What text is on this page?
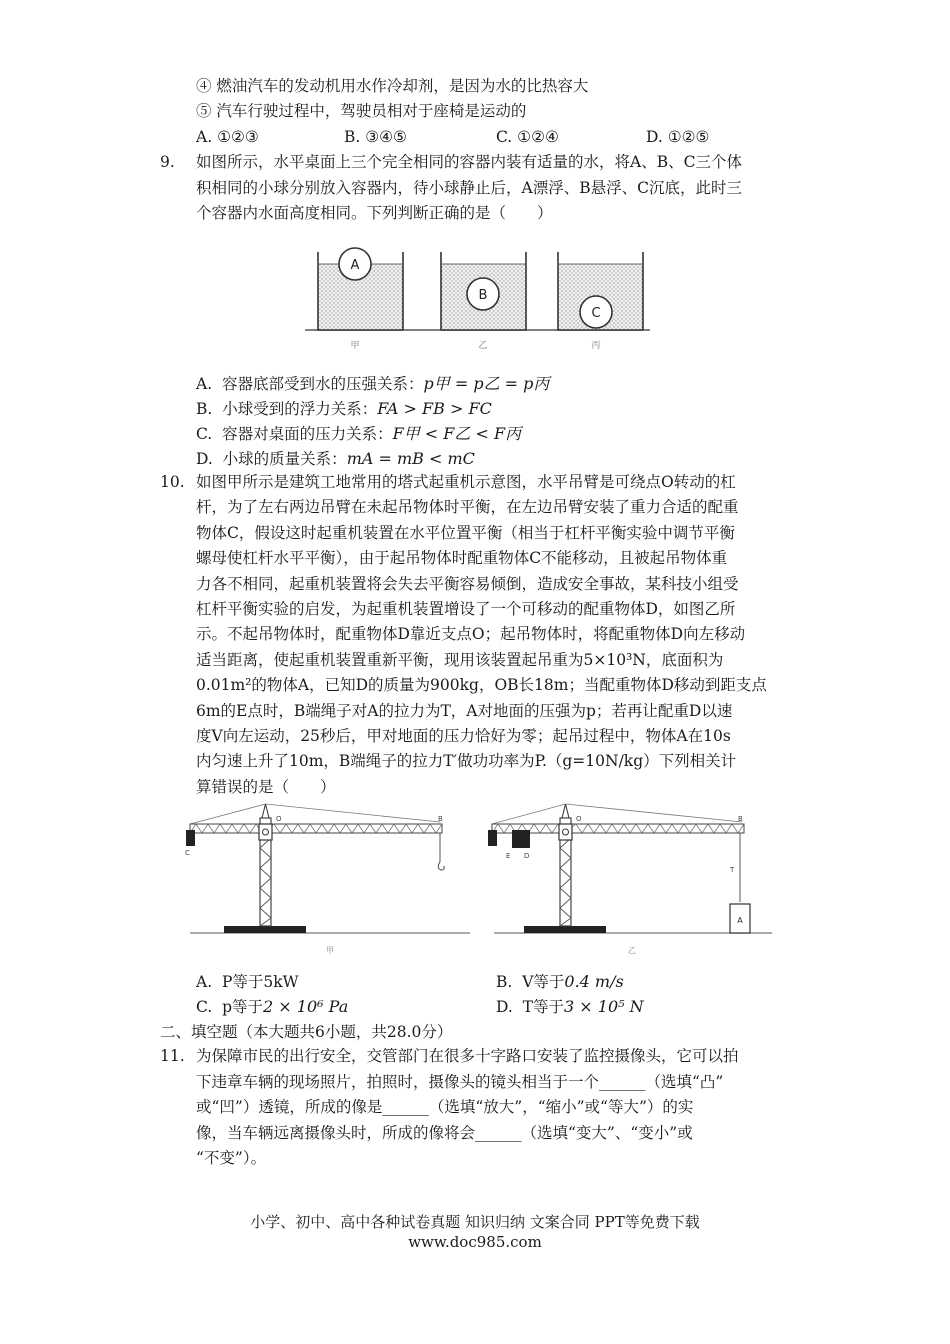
④ 燃油汽车的发动机用水作冷却剂，是因为水的比热容大
⑤ 汽车行驶过程中，驾驶员相对于座椅是运动的
A. ①②③	B. ③④⑤	C. ①②④	D. ①②⑤
9. 如图所示，水平桌面上三个完全相同的容器内装有适量的水，将A、B、C三个体
积相同的小球分别放入容器内，待小球静止后，A漂浮、B悬浮、C沉底，此时三
个容器内水面高度相同。下列判断正确的是（　　）
A
B
C
甲	乙	丙
A. 容器底部受到水的压强关系：p甲 = p乙 = p丙
B. 小球受到的浮力关系：FA > FB > FC
C. 容器对桌面的压力关系：F甲 < F乙 < F丙
D. 小球的质量关系：mA = mB < mC
10. 如图甲所示是建筑工地常用的塔式起重机示意图，水平吊臂是可绕点O转动的杠
杆，为了左右两边吊臂在未起吊物体时平衡，在左边吊臂安装了重力合适的配重
物体C，假设这时起重机装置在水平位置平衡（相当于杠杆平衡实验中调节平衡
螺母使杠杆水平平衡），由于起吊物体时配重物体C不能移动，且被起吊物体重
力各不相同，起重机装置将会失去平衡容易倾倒，造成安全事故，某科技小组受
杠杆平衡实验的启发，为起重机装置增设了一个可移动的配重物体D，如图乙所
示。不起吊物体时，配重物体D靠近支点O；起吊物体时，将配重物体D向左移动
适当距离，使起重机装置重新平衡，现用该装置起吊重为5×10³N，底面积为
0.01m²的物体A，已知D的质量为900kg，OB长18m；当配重物体D移动到距支点
6m的E点时，B端绳子对A的拉力为T，A对地面的压强为p；若再让配重D以速
度V向左运动，25秒后，甲对地面的压力恰好为零；起吊过程中，物体A在10s
内匀速上升了10m，B端绳子的拉力T′做功功率为P.（g=10N/kg）下列相关计
算错误的是（　　）
O
C
B	O
D
E
B
T
A
甲	乙
A. P等于5kW	B. V等于0.4 m/s
C. p等于2 × 10⁶ Pa	D. T等于3 × 10⁵ N
二、填空题（本大题共6小题，共28.0分）
11. 为保障市民的出行安全，交管部门在很多十字路口安装了监控摄像头，它可以拍
下违章车辆的现场照片，拍照时，摄像头的镜头相当于一个______（选填“凸”
或“凹”）透镜，所成的像是______（选填“放大”，“缩小”或“等大”）的实
像，当车辆远离摄像头时，所成的像将会______（选填“变大”、“变小”或
“不变”）。
小学、初中、高中各种试卷真题 知识归纳 文案合同 PPT等免费下载
www.doc985.com
